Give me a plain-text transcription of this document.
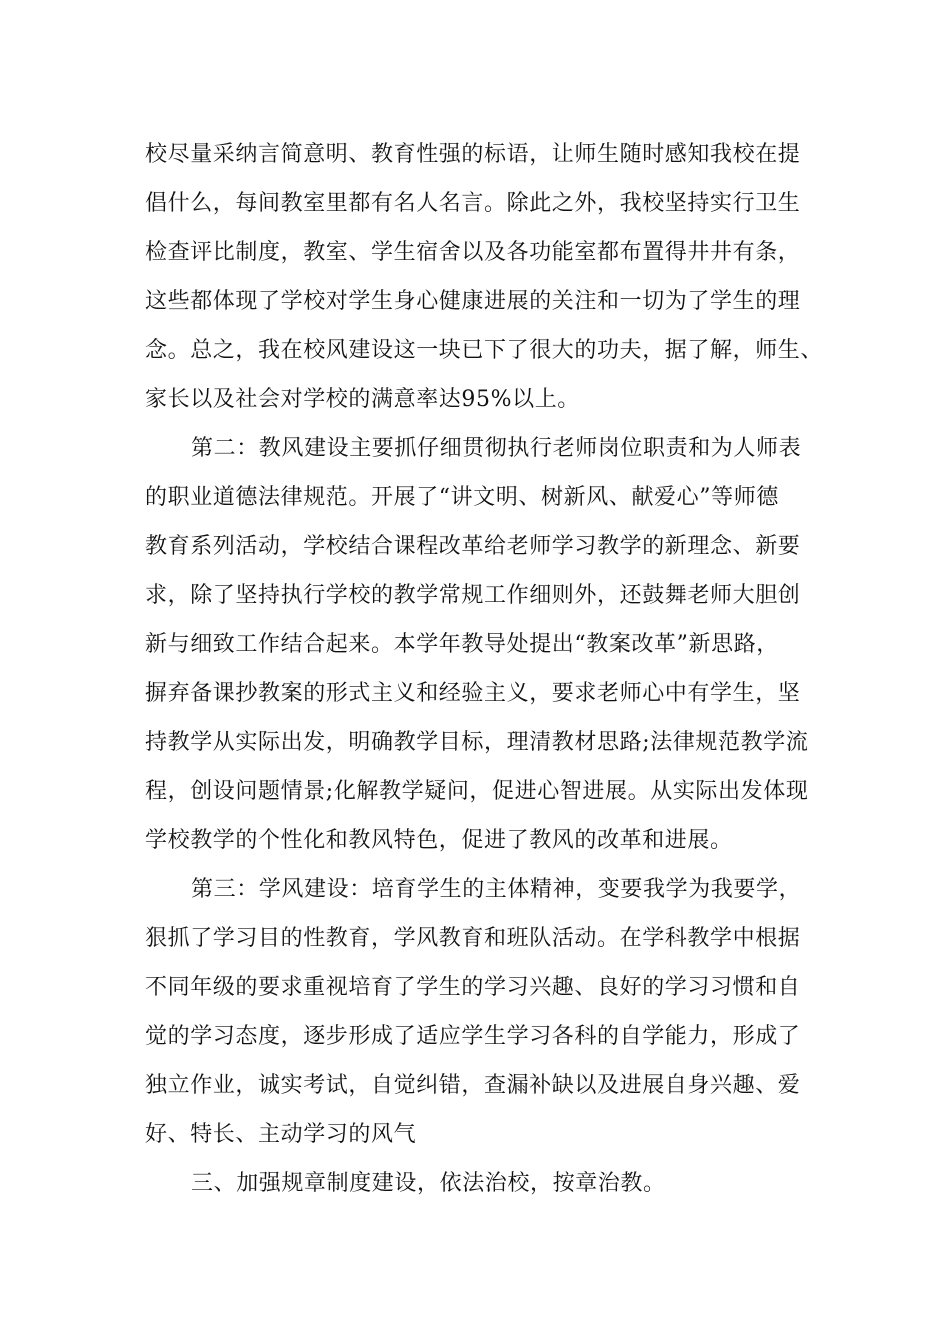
校尽量采纳言简意明、教育性强的标语，让师生随时感知我校在提
倡什么，每间教室里都有名人名言。除此之外，我校坚持实行卫生
检查评比制度，教室、学生宿舍以及各功能室都布置得井井有条，
这些都体现了学校对学生身心健康进展的关注和一切为了学生的理
念。总之，我在校风建设这一块已下了很大的功夫，据了解，师生、
家长以及社会对学校的满意率达95%以上。
第二：教风建设主要抓仔细贯彻执行老师岗位职责和为人师表
的职业道德法律规范。开展了“讲文明、树新风、献爱心”等师德
教育系列活动，学校结合课程改革给老师学习教学的新理念、新要
求，除了坚持执行学校的教学常规工作细则外，还鼓舞老师大胆创
新与细致工作结合起来。本学年教导处提出“教案改革”新思路，
摒弃备课抄教案的形式主义和经验主义，要求老师心中有学生，坚
持教学从实际出发，明确教学目标，理清教材思路;法律规范教学流
程，创设问题情景;化解教学疑问，促进心智进展。从实际出发体现
学校教学的个性化和教风特色，促进了教风的改革和进展。
第三：学风建设：培育学生的主体精神，变要我学为我要学，
狠抓了学习目的性教育，学风教育和班队活动。在学科教学中根据
不同年级的要求重视培育了学生的学习兴趣、良好的学习习惯和自
觉的学习态度，逐步形成了适应学生学习各科的自学能力，形成了
独立作业，诚实考试，自觉纠错，查漏补缺以及进展自身兴趣、爱
好、特长、主动学习的风气
三、加强规章制度建设，依法治校，按章治教。
